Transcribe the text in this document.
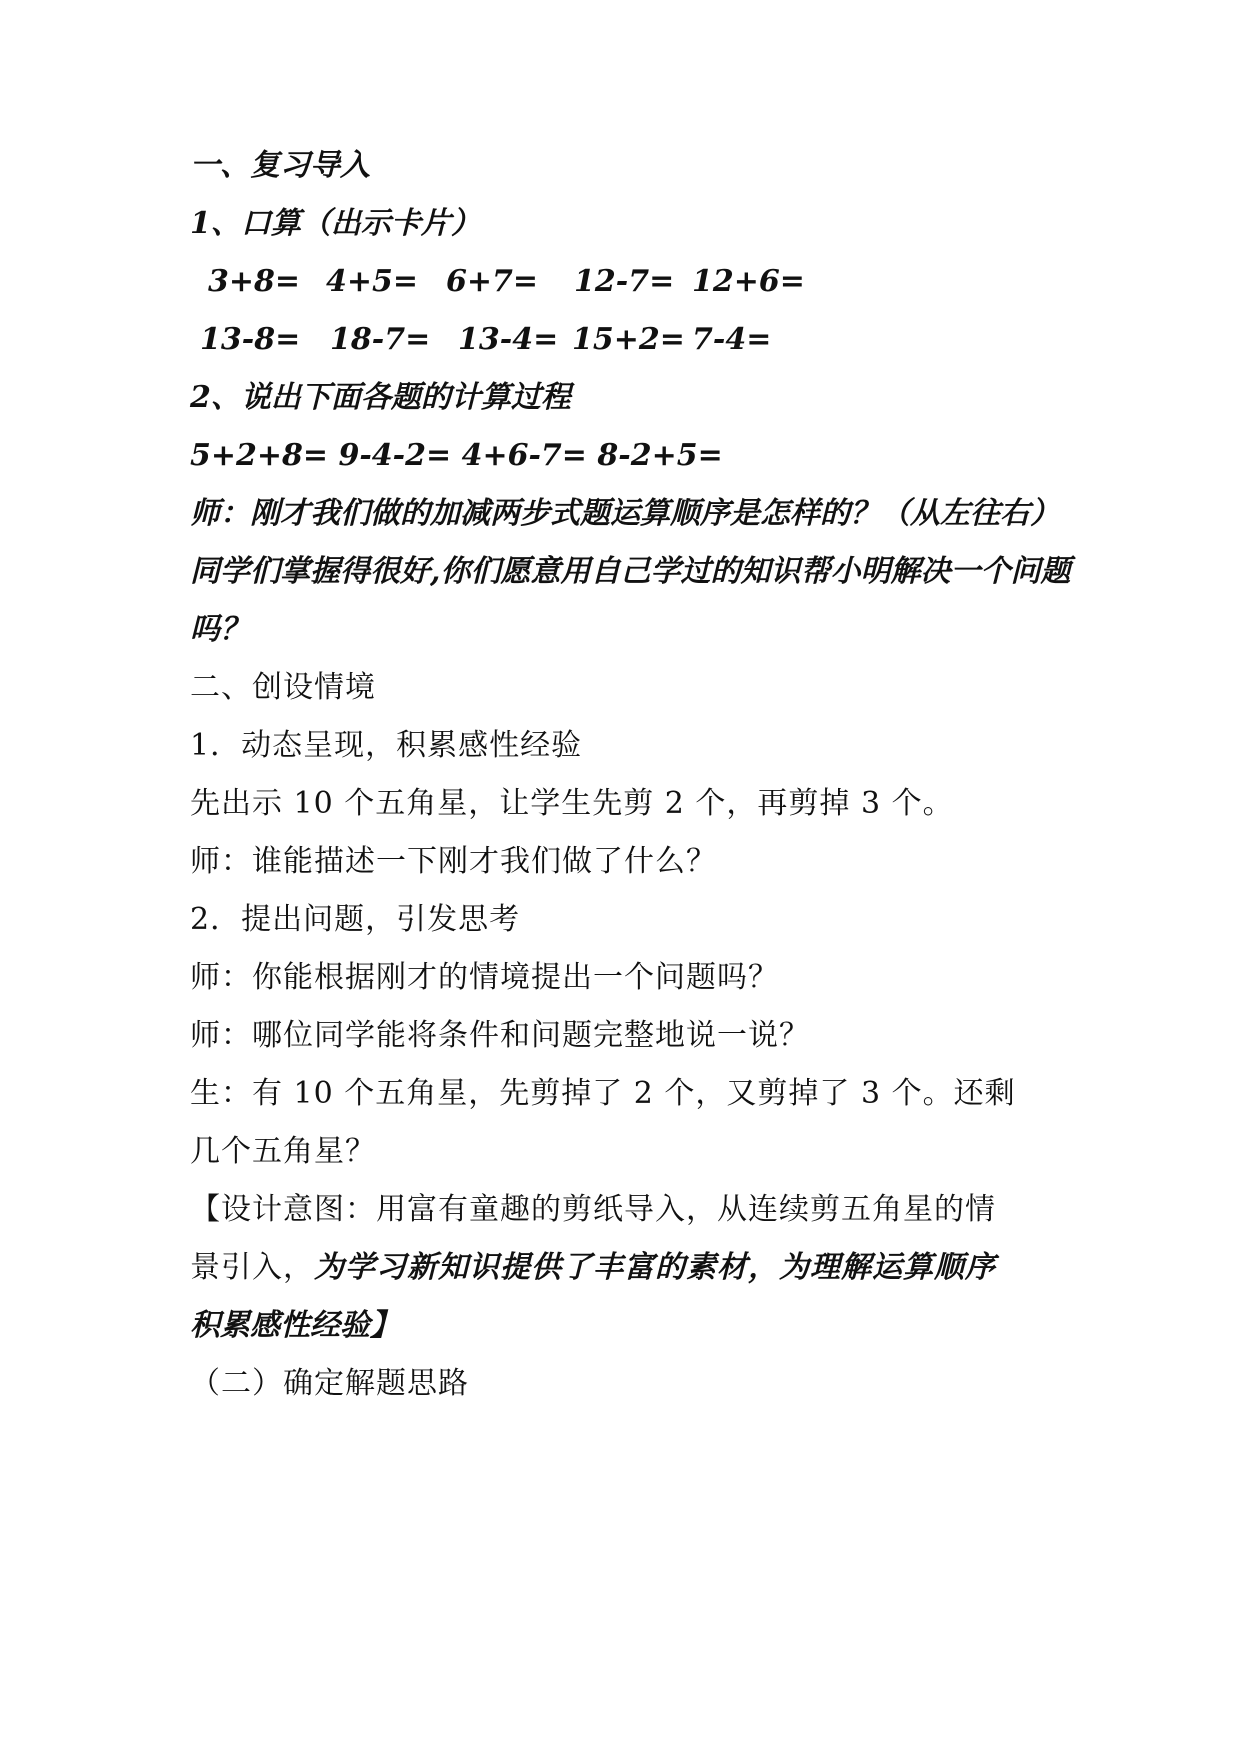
一、复习导入
1、口算（出示卡片）
3+8= 4+5= 6+7= 12-7= 12+6=
13-8= 18-7= 13-4= 15+2= 7-4=
2、说出下面各题的计算过程
5+2+8= 9-4-2= 4+6-7= 8-2+5=
师：刚才我们做的加减两步式题运算顺序是怎样的？（从左往右）
同学们掌握得很好,你们愿意用自己学过的知识帮小明解决一个问题
吗？
二、创设情境
1．动态呈现，积累感性经验
先出示 10 个五角星，让学生先剪 2 个，再剪掉 3 个。
师：谁能描述一下刚才我们做了什么？
2．提出问题，引发思考
师：你能根据刚才的情境提出一个问题吗？
师：哪位同学能将条件和问题完整地说一说？
生：有 10 个五角星，先剪掉了 2 个，又剪掉了 3 个。还剩
几个五角星？
【设计意图：用富有童趣的剪纸导入，从连续剪五角星的情
景引入，为学习新知识提供了丰富的素材，为理解运算顺序
积累感性经验】
（二）确定解题思路
